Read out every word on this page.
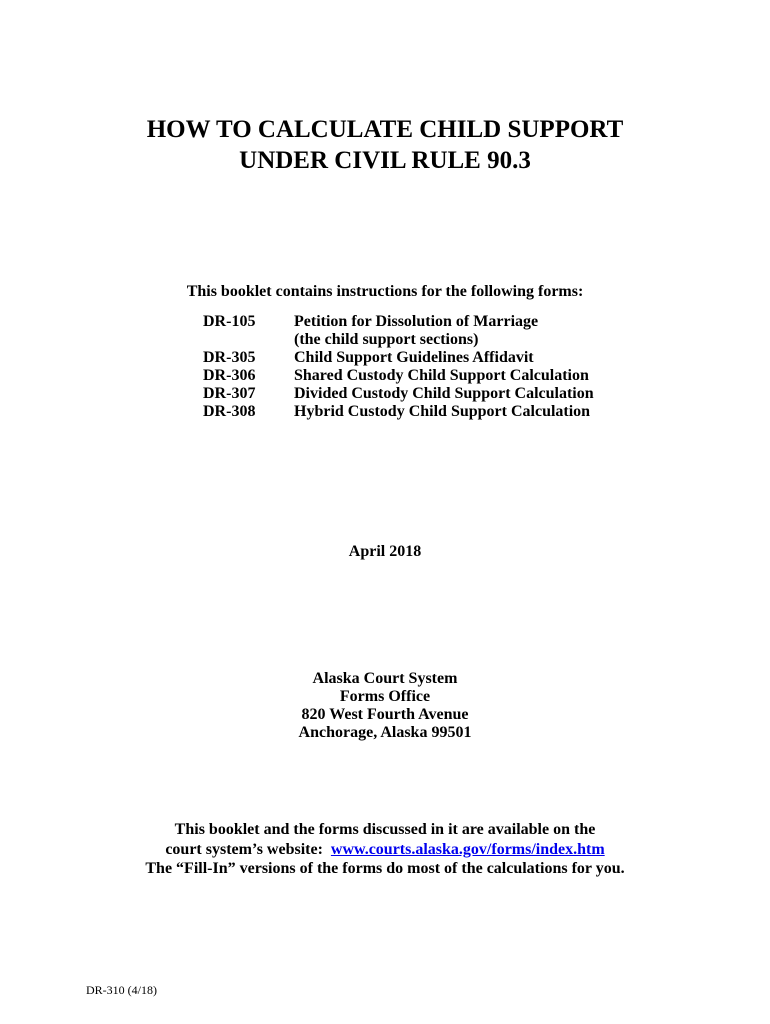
HOW TO CALCULATE CHILD SUPPORT
UNDER CIVIL RULE 90.3
This booklet contains instructions for the following forms:
DR-105 Petition for Dissolution of Marriage
(the child support sections)
DR-305 Child Support Guidelines Affidavit
DR-306 Shared Custody Child Support Calculation
DR-307 Divided Custody Child Support Calculation
DR-308 Hybrid Custody Child Support Calculation
April 2018
Alaska Court System
Forms Office
820 West Fourth Avenue
Anchorage, Alaska 99501
This booklet and the forms discussed in it are available on the
court system’s website: www.courts.alaska.gov/forms/index.htm
The “Fill-In” versions of the forms do most of the calculations for you.
DR-310 (4/18)
